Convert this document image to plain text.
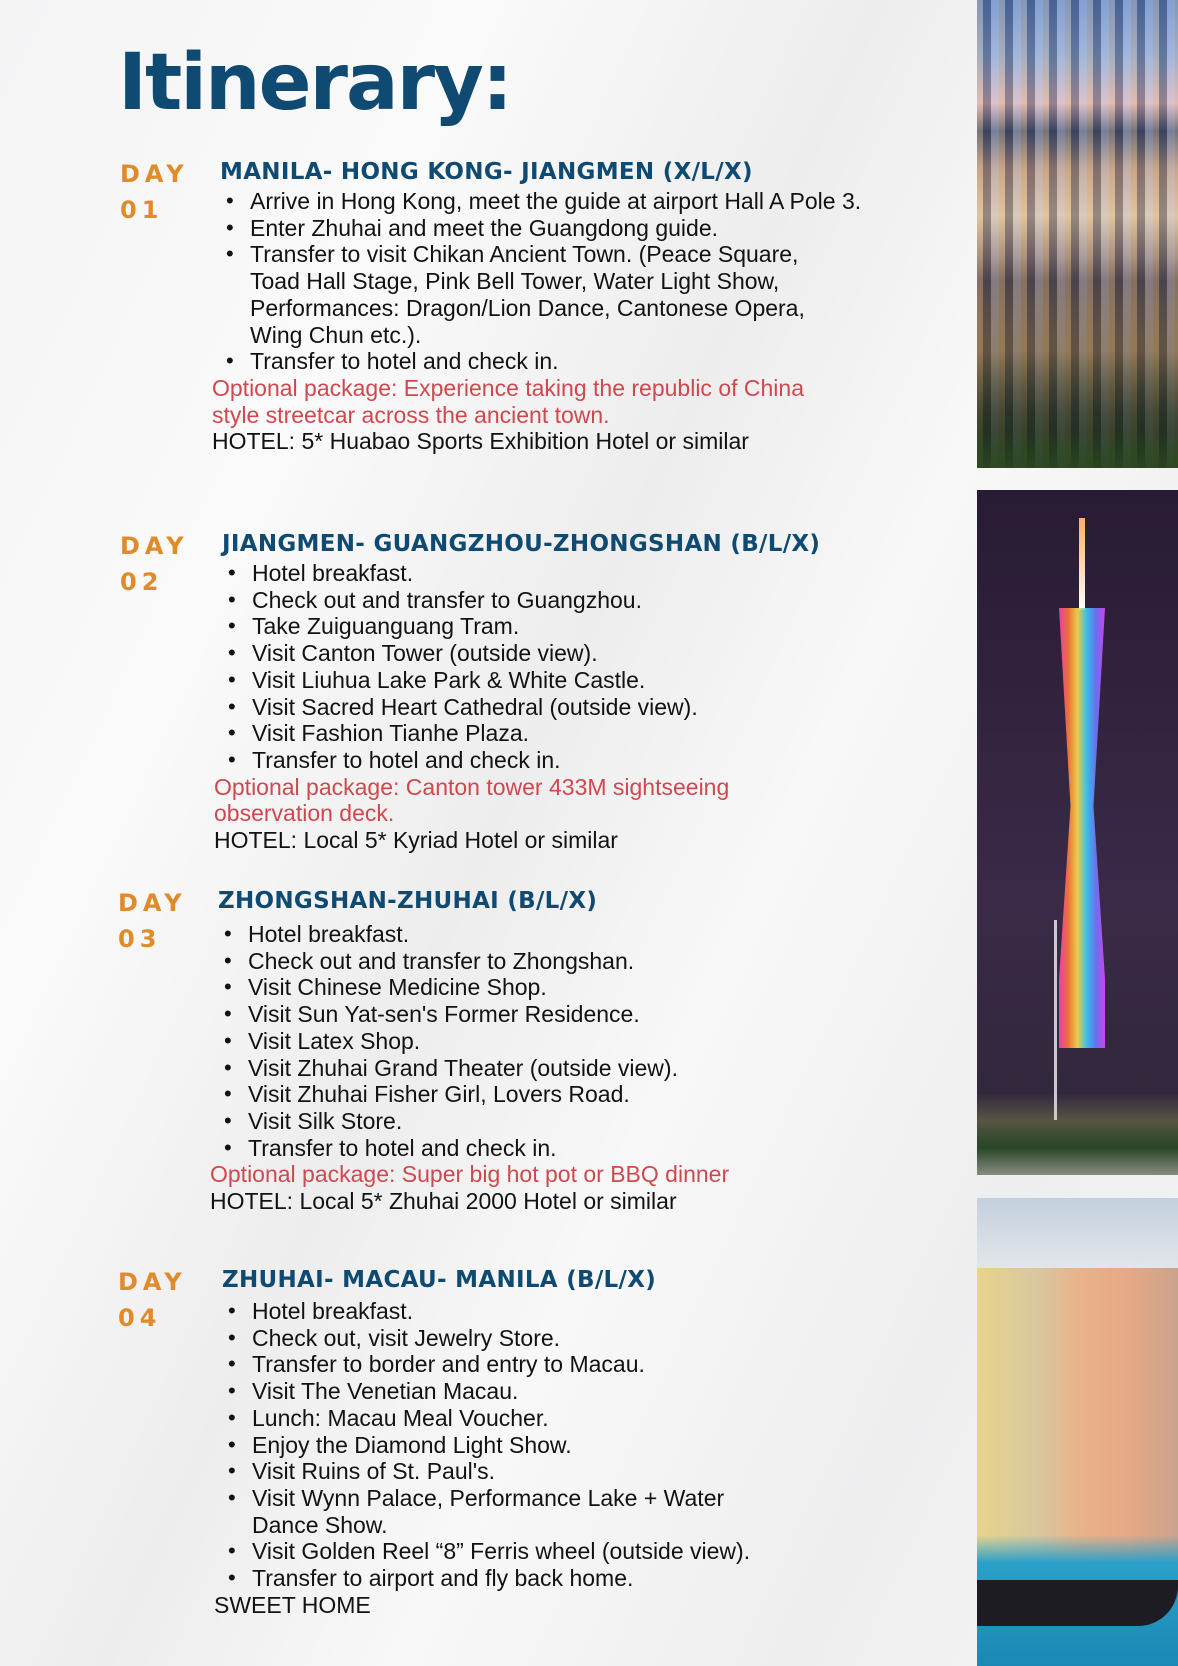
Itinerary:
DAY
01
MANILA- HONG KONG- JIANGMEN (X/L/X)
• Arrive in Hong Kong, meet the guide at airport Hall A Pole 3.
• Enter Zhuhai and meet the Guangdong guide.
• Transfer to visit Chikan Ancient Town. (Peace Square, Toad Hall Stage, Pink Bell Tower, Water Light Show, Performances: Dragon/Lion Dance, Cantonese Opera, Wing Chun etc.).
• Transfer to hotel and check in.
Optional package: Experience taking the republic of China style streetcar across the ancient town.
HOTEL: 5* Huabao Sports Exhibition Hotel or similar
DAY
02
JIANGMEN- GUANGZHOU-ZHONGSHAN (B/L/X)
• Hotel breakfast.
• Check out and transfer to Guangzhou.
• Take Zuiguanguang Tram.
• Visit Canton Tower (outside view).
• Visit Liuhua Lake Park & White Castle.
• Visit Sacred Heart Cathedral (outside view).
• Visit Fashion Tianhe Plaza.
• Transfer to hotel and check in.
Optional package: Canton tower 433M sightseeing observation deck.
HOTEL: Local 5* Kyriad Hotel or similar
DAY
03
ZHONGSHAN-ZHUHAI (B/L/X)
• Hotel breakfast.
• Check out and transfer to Zhongshan.
• Visit Chinese Medicine Shop.
• Visit Sun Yat-sen's Former Residence.
• Visit Latex Shop.
• Visit Zhuhai Grand Theater (outside view).
• Visit Zhuhai Fisher Girl, Lovers Road.
• Visit Silk Store.
• Transfer to hotel and check in.
Optional package: Super big hot pot or BBQ dinner
HOTEL: Local 5* Zhuhai 2000 Hotel or similar
DAY
04
ZHUHAI- MACAU- MANILA (B/L/X)
• Hotel breakfast.
• Check out, visit Jewelry Store.
• Transfer to border and entry to Macau.
• Visit The Venetian Macau.
• Lunch: Macau Meal Voucher.
• Enjoy the Diamond Light Show.
• Visit Ruins of St. Paul's.
• Visit Wynn Palace, Performance Lake + Water Dance Show.
• Visit Golden Reel “8” Ferris wheel (outside view).
• Transfer to airport and fly back home.
SWEET HOME
